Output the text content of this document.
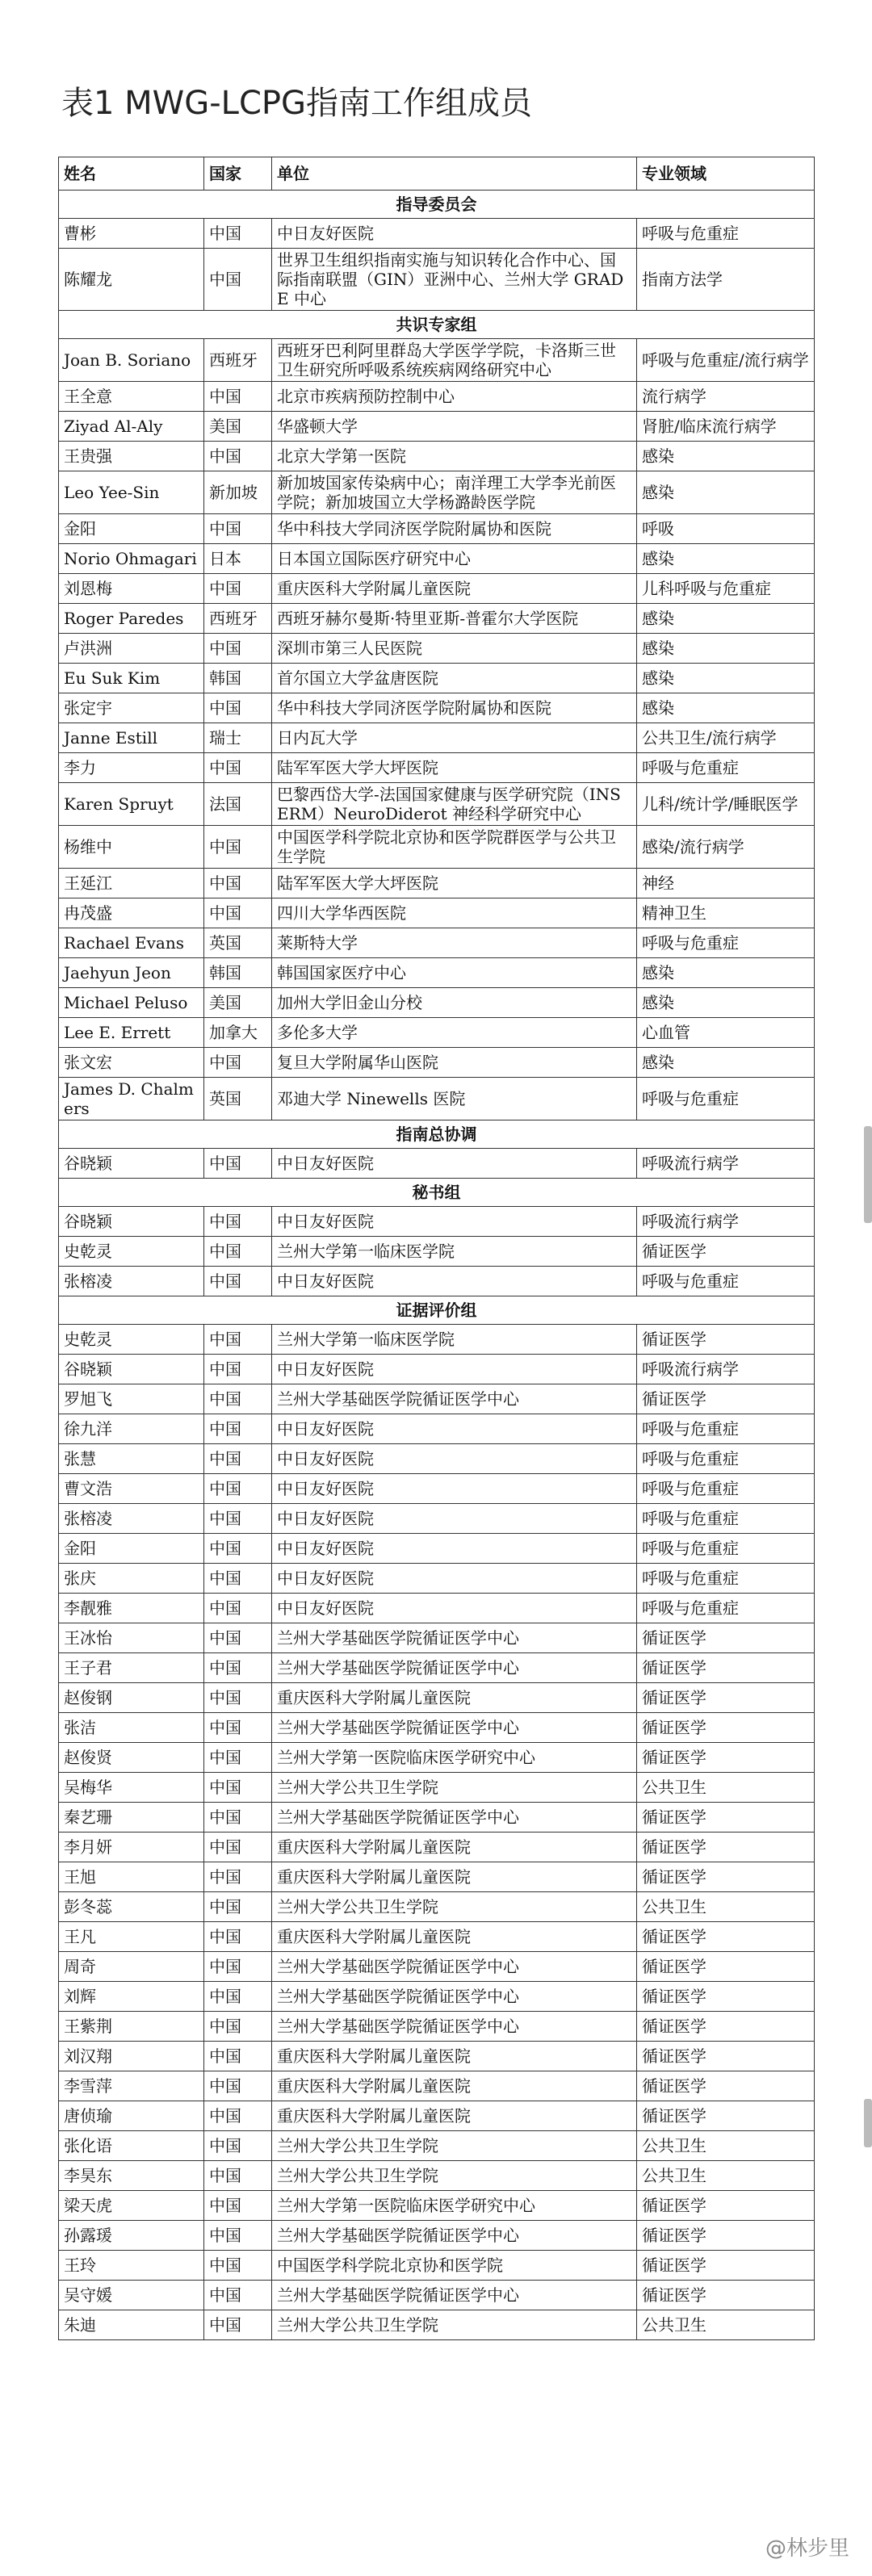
表1 MWG-LCPG指南工作组成员
姓名	国家	单位	专业领域
指导委员会			
曹彬	中国	中日友好医院	呼吸与危重症
陈耀龙	中国	世界卫生组织指南实施与知识转化合作中心、国际指南联盟（GIN）亚洲中心、兰州大学 GRADE 中心	指南方法学
共识专家组			
Joan B. Soriano	西班牙	西班牙巴利阿里群岛大学医学学院，卡洛斯三世卫生研究所呼吸系统疾病网络研究中心	呼吸与危重症/流行病学
王全意	中国	北京市疾病预防控制中心	流行病学
Ziyad Al-Aly	美国	华盛顿大学	肾脏/临床流行病学
王贵强	中国	北京大学第一医院	感染
Leo Yee-Sin	新加坡	新加坡国家传染病中心；南洋理工大学李光前医学院；新加坡国立大学杨潞龄医学院	感染
金阳	中国	华中科技大学同济医学院附属协和医院	呼吸
Norio Ohmagari	日本	日本国立国际医疗研究中心	感染
刘恩梅	中国	重庆医科大学附属儿童医院	儿科呼吸与危重症
Roger Paredes	西班牙	西班牙赫尔曼斯·特里亚斯-普霍尔大学医院	感染
卢洪洲	中国	深圳市第三人民医院	感染
Eu Suk Kim	韩国	首尔国立大学盆唐医院	感染
张定宇	中国	华中科技大学同济医学院附属协和医院	感染
Janne Estill	瑞士	日内瓦大学	公共卫生/流行病学
李力	中国	陆军军医大学大坪医院	呼吸与危重症
Karen Spruyt	法国	巴黎西岱大学-法国国家健康与医学研究院（INSERM）NeuroDiderot 神经科学研究中心	儿科/统计学/睡眠医学
杨维中	中国	中国医学科学院北京协和医学院群医学与公共卫生学院	感染/流行病学
王延江	中国	陆军军医大学大坪医院	神经
冉茂盛	中国	四川大学华西医院	精神卫生
Rachael Evans	英国	莱斯特大学	呼吸与危重症
Jaehyun Jeon	韩国	韩国国家医疗中心	感染
Michael Peluso	美国	加州大学旧金山分校	感染
Lee E. Errett	加拿大	多伦多大学	心血管
张文宏	中国	复旦大学附属华山医院	感染
James D. Chalmers	英国	邓迪大学 Ninewells 医院	呼吸与危重症
指南总协调			
谷晓颖	中国	中日友好医院	呼吸流行病学
秘书组			
谷晓颖	中国	中日友好医院	呼吸流行病学
史乾灵	中国	兰州大学第一临床医学院	循证医学
张榕凌	中国	中日友好医院	呼吸与危重症
证据评价组			
史乾灵	中国	兰州大学第一临床医学院	循证医学
谷晓颖	中国	中日友好医院	呼吸流行病学
罗旭飞	中国	兰州大学基础医学院循证医学中心	循证医学
徐九洋	中国	中日友好医院	呼吸与危重症
张慧	中国	中日友好医院	呼吸与危重症
曹文浩	中国	中日友好医院	呼吸与危重症
张榕凌	中国	中日友好医院	呼吸与危重症
金阳	中国	中日友好医院	呼吸与危重症
张庆	中国	中日友好医院	呼吸与危重症
李靓雅	中国	中日友好医院	呼吸与危重症
王冰怡	中国	兰州大学基础医学院循证医学中心	循证医学
王子君	中国	兰州大学基础医学院循证医学中心	循证医学
赵俊钢	中国	重庆医科大学附属儿童医院	循证医学
张洁	中国	兰州大学基础医学院循证医学中心	循证医学
赵俊贤	中国	兰州大学第一医院临床医学研究中心	循证医学
吴梅华	中国	兰州大学公共卫生学院	公共卫生
秦艺珊	中国	兰州大学基础医学院循证医学中心	循证医学
李月妍	中国	重庆医科大学附属儿童医院	循证医学
王旭	中国	重庆医科大学附属儿童医院	循证医学
彭冬蕊	中国	兰州大学公共卫生学院	公共卫生
王凡	中国	重庆医科大学附属儿童医院	循证医学
周奇	中国	兰州大学基础医学院循证医学中心	循证医学
刘辉	中国	兰州大学基础医学院循证医学中心	循证医学
王紫荆	中国	兰州大学基础医学院循证医学中心	循证医学
刘汉翔	中国	重庆医科大学附属儿童医院	循证医学
李雪萍	中国	重庆医科大学附属儿童医院	循证医学
唐侦瑜	中国	重庆医科大学附属儿童医院	循证医学
张化语	中国	兰州大学公共卫生学院	公共卫生
李昊东	中国	兰州大学公共卫生学院	公共卫生
梁天虎	中国	兰州大学第一医院临床医学研究中心	循证医学
孙露瑗	中国	兰州大学基础医学院循证医学中心	循证医学
王玲	中国	中国医学科学院北京协和医学院	循证医学
吴守媛	中国	兰州大学基础医学院循证医学中心	循证医学
朱迪	中国	兰州大学公共卫生学院	公共卫生
@林步里
